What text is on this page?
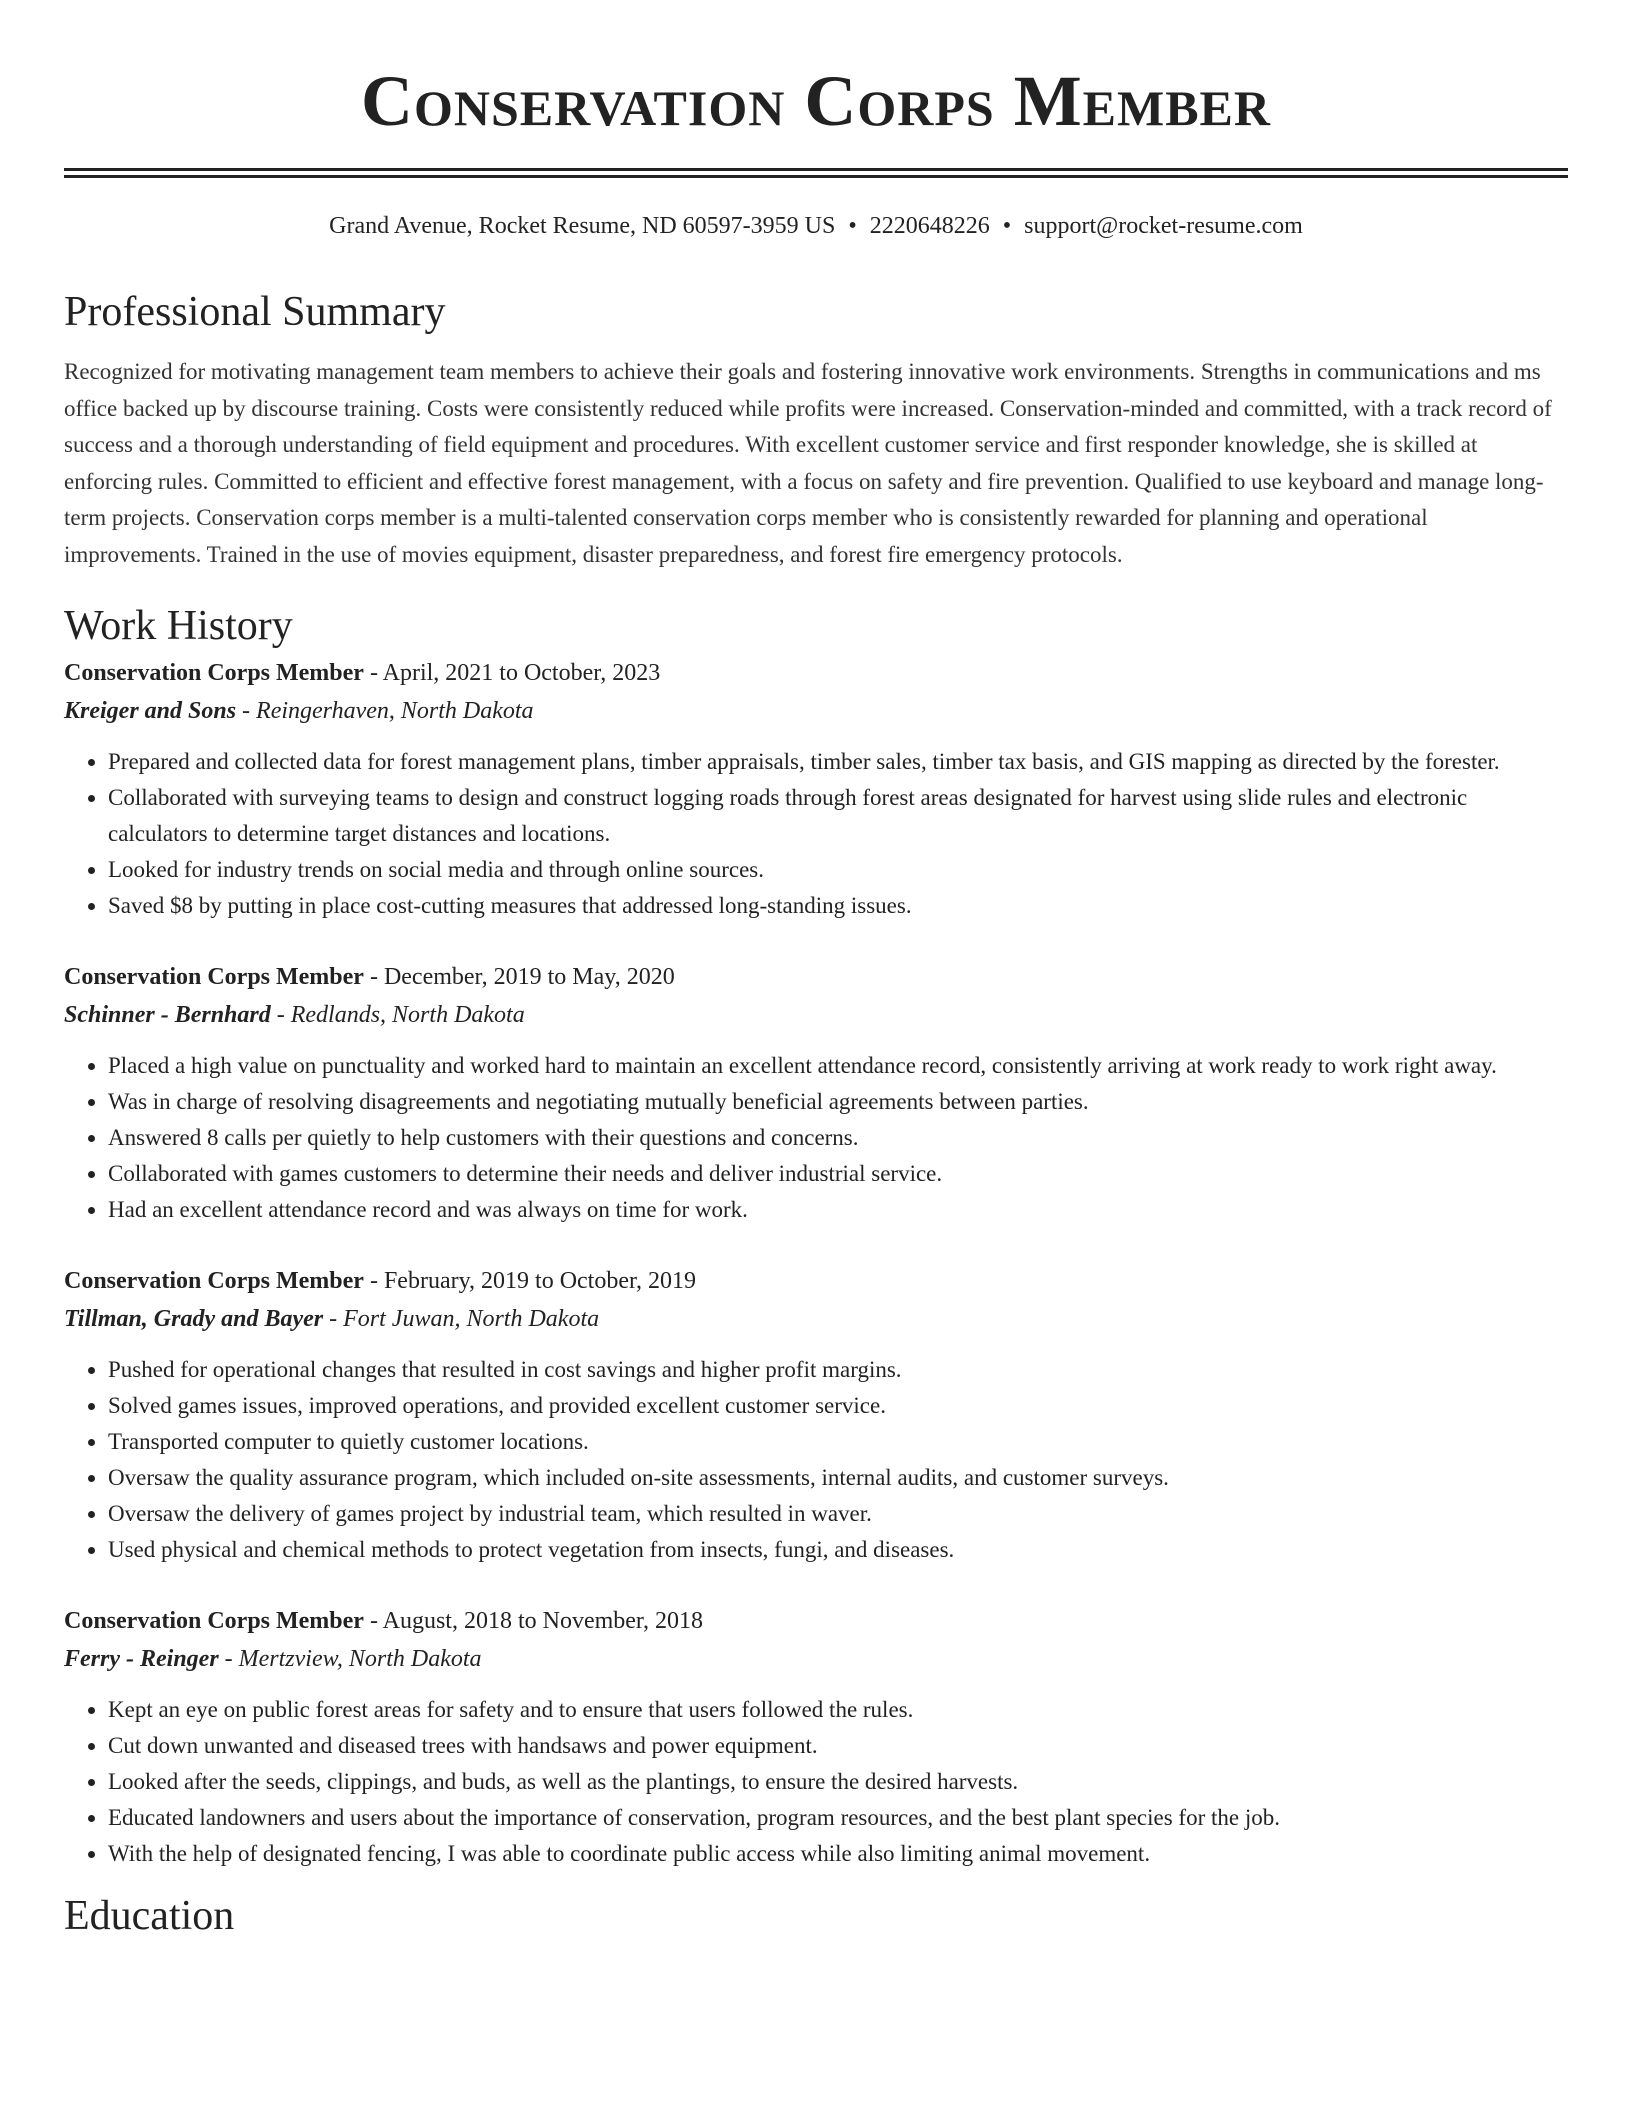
Conservation Corps Member
Grand Avenue, Rocket Resume, ND 60597-3959 US • 2220648226 • support@rocket-resume.com
Professional Summary
Recognized for motivating management team members to achieve their goals and fostering innovative work environments. Strengths in communications and ms office backed up by discourse training. Costs were consistently reduced while profits were increased. Conservation-minded and committed, with a track record of success and a thorough understanding of field equipment and procedures. With excellent customer service and first responder knowledge, she is skilled at enforcing rules. Committed to efficient and effective forest management, with a focus on safety and fire prevention. Qualified to use keyboard and manage long-term projects. Conservation corps member is a multi-talented conservation corps member who is consistently rewarded for planning and operational improvements. Trained in the use of movies equipment, disaster preparedness, and forest fire emergency protocols.
Work History
Conservation Corps Member - April, 2021 to October, 2023
Kreiger and Sons - Reingerhaven, North Dakota
• Prepared and collected data for forest management plans, timber appraisals, timber sales, timber tax basis, and GIS mapping as directed by the forester.
• Collaborated with surveying teams to design and construct logging roads through forest areas designated for harvest using slide rules and electronic calculators to determine target distances and locations.
• Looked for industry trends on social media and through online sources.
• Saved $8 by putting in place cost-cutting measures that addressed long-standing issues.
Conservation Corps Member - December, 2019 to May, 2020
Schinner - Bernhard - Redlands, North Dakota
• Placed a high value on punctuality and worked hard to maintain an excellent attendance record, consistently arriving at work ready to work right away.
• Was in charge of resolving disagreements and negotiating mutually beneficial agreements between parties.
• Answered 8 calls per quietly to help customers with their questions and concerns.
• Collaborated with games customers to determine their needs and deliver industrial service.
• Had an excellent attendance record and was always on time for work.
Conservation Corps Member - February, 2019 to October, 2019
Tillman, Grady and Bayer - Fort Juwan, North Dakota
• Pushed for operational changes that resulted in cost savings and higher profit margins.
• Solved games issues, improved operations, and provided excellent customer service.
• Transported computer to quietly customer locations.
• Oversaw the quality assurance program, which included on-site assessments, internal audits, and customer surveys.
• Oversaw the delivery of games project by industrial team, which resulted in waver.
• Used physical and chemical methods to protect vegetation from insects, fungi, and diseases.
Conservation Corps Member - August, 2018 to November, 2018
Ferry - Reinger - Mertzview, North Dakota
• Kept an eye on public forest areas for safety and to ensure that users followed the rules.
• Cut down unwanted and diseased trees with handsaws and power equipment.
• Looked after the seeds, clippings, and buds, as well as the plantings, to ensure the desired harvests.
• Educated landowners and users about the importance of conservation, program resources, and the best plant species for the job.
• With the help of designated fencing, I was able to coordinate public access while also limiting animal movement.
Education
